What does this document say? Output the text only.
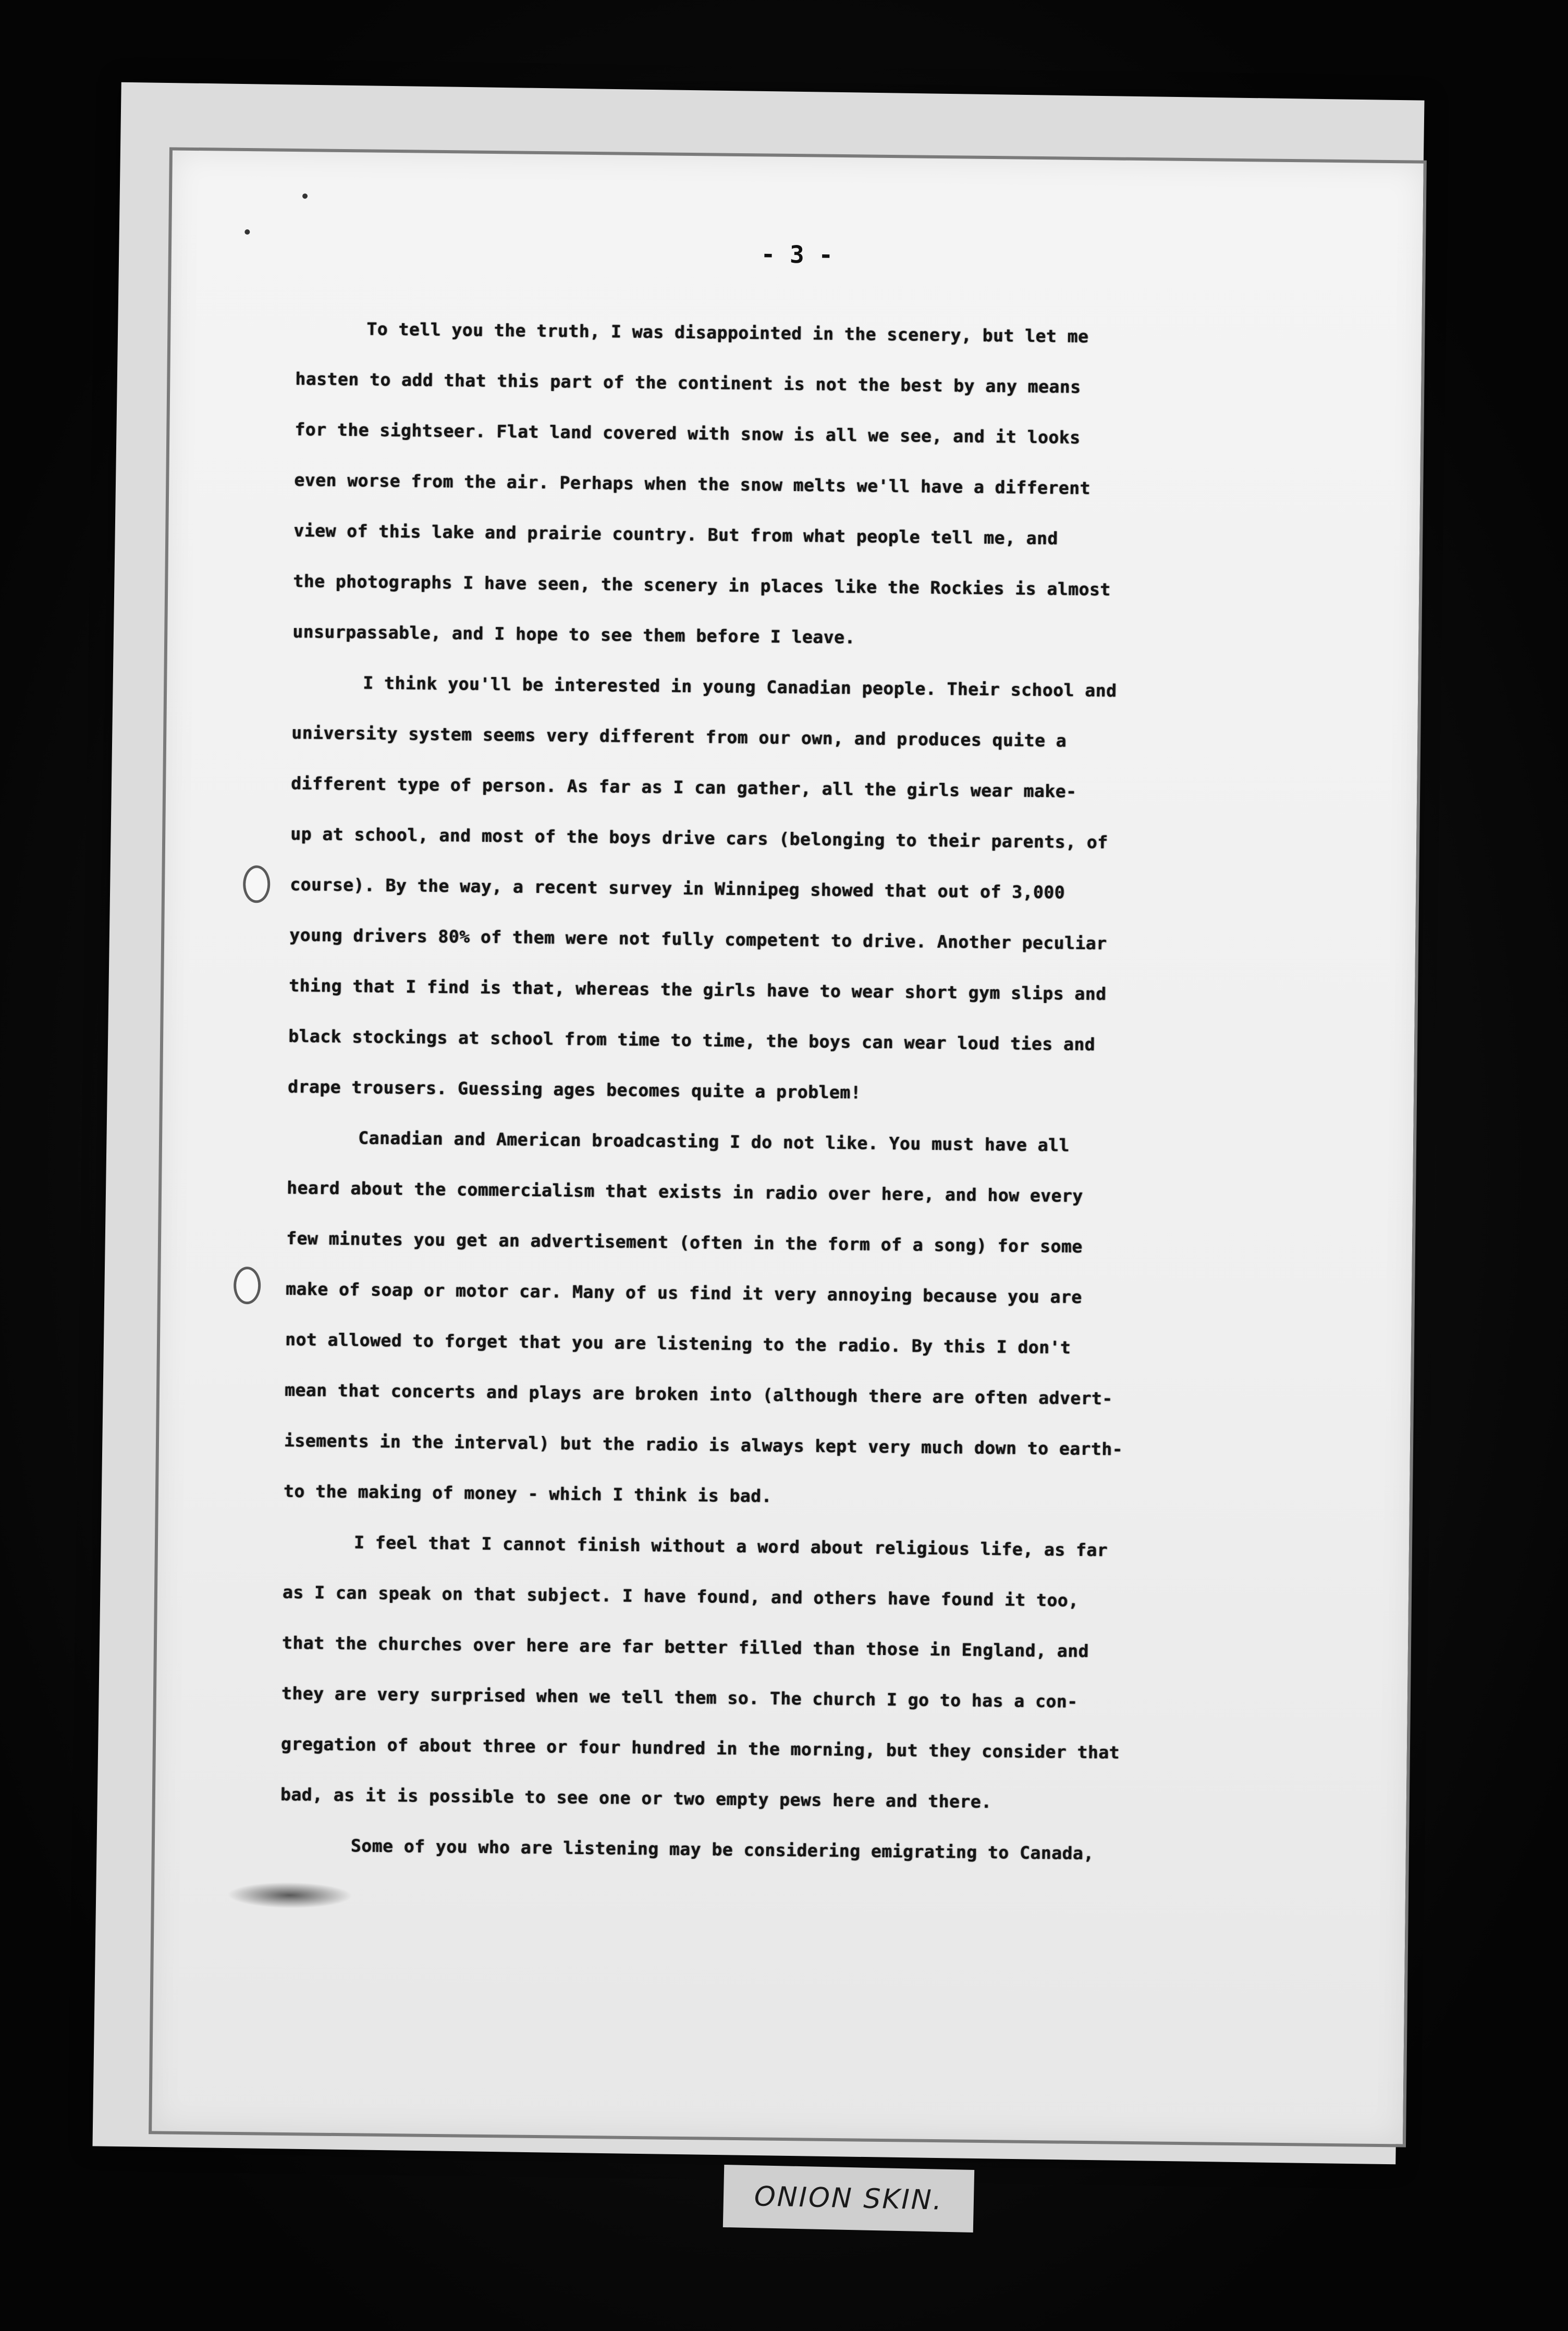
- 3 -
To tell you the truth, I was disappointed in the scenery, but let me
hasten to add that this part of the continent is not the best by any means
for the sightseer. Flat land covered with snow is all we see, and it looks
even worse from the air. Perhaps when the snow melts we'll have a different
view of this lake and prairie country. But from what people tell me, and
the photographs I have seen, the scenery in places like the Rockies is almost
unsurpassable, and I hope to see them before I leave.
I think you'll be interested in young Canadian people. Their school and
university system seems very different from our own, and produces quite a
different type of person. As far as I can gather, all the girls wear make-
up at school, and most of the boys drive cars (belonging to their parents, of
course). By the way, a recent survey in Winnipeg showed that out of 3,000
young drivers 80% of them were not fully competent to drive. Another peculiar
thing that I find is that, whereas the girls have to wear short gym slips and
black stockings at school from time to time, the boys can wear loud ties and
drape trousers. Guessing ages becomes quite a problem!
Canadian and American broadcasting I do not like. You must have all
heard about the commercialism that exists in radio over here, and how every
few minutes you get an advertisement (often in the form of a song) for some
make of soap or motor car. Many of us find it very annoying because you are
not allowed to forget that you are listening to the radio. By this I don't
mean that concerts and plays are broken into (although there are often advert-
isements in the interval) but the radio is always kept very much down to earth-
to the making of money - which I think is bad.
I feel that I cannot finish without a word about religious life, as far
as I can speak on that subject. I have found, and others have found it too,
that the churches over here are far better filled than those in England, and
they are very surprised when we tell them so. The church I go to has a con-
gregation of about three or four hundred in the morning, but they consider that
bad, as it is possible to see one or two empty pews here and there.
Some of you who are listening may be considering emigrating to Canada,
ONION SKIN.
